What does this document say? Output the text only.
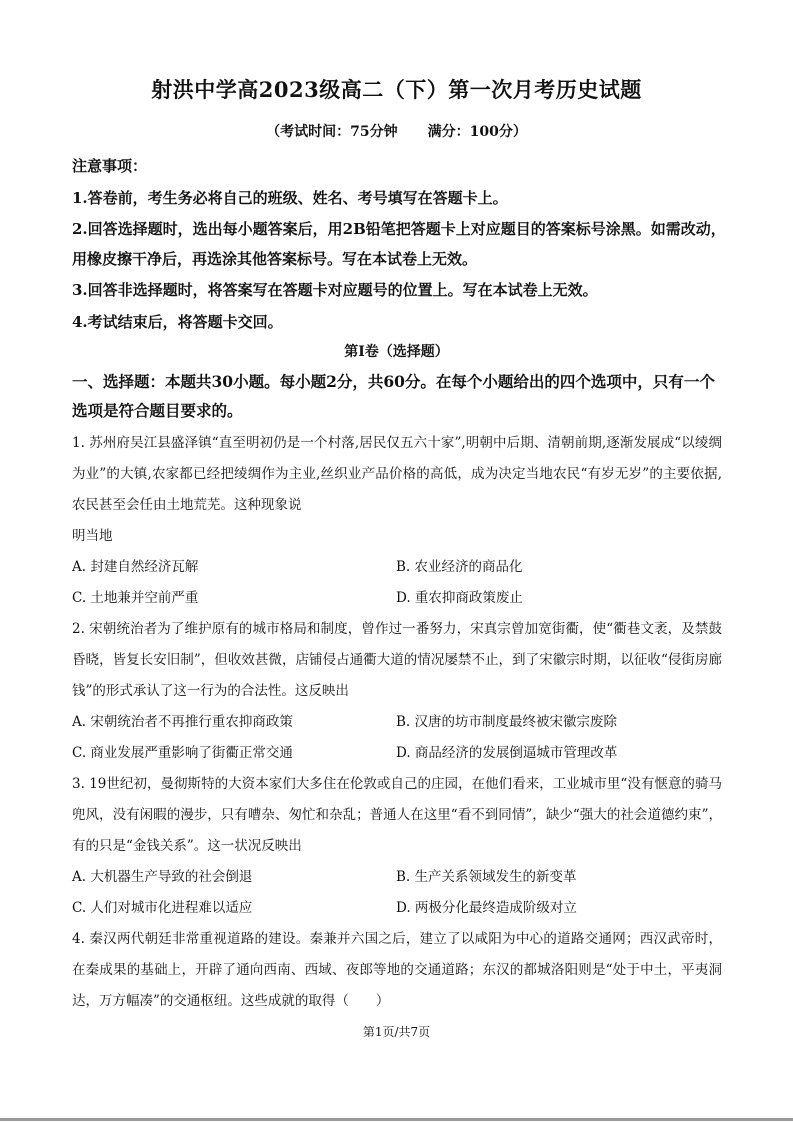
射洪中学高2023级高二（下）第一次月考历史试题
（考试时间：75分钟 满分：100分）
注意事项：
1.答卷前，考生务必将自己的班级、姓名、考号填写在答题卡上。
2.回答选择题时，选出每小题答案后，用2B铅笔把答题卡上对应题目的答案标号涂黑。如需改动，用橡皮擦干净后，再选涂其他答案标号。写在本试卷上无效。
3.回答非选择题时，将答案写在答题卡对应题号的位置上。写在本试卷上无效。
4.考试结束后，将答题卡交回。
第Ⅰ卷（选择题）
一、选择题：本题共30小题。每小题2分，共60分。在每个小题给出的四个选项中，只有一个选项是符合题目要求的。
1. 苏州府吴江县盛泽镇“直至明初仍是一个村落,居民仅五六十家”,明朝中后期、清朝前期,逐渐发展成“以绫绸为业”的大镇,农家都已经把绫绸作为主业,丝织业产品价格的高低，成为决定当地农民“有岁无岁”的主要依据,农民甚至会任由土地荒芜。这种现象说
明当地
A. 封建自然经济瓦解	B. 农业经济的商品化
C. 土地兼并空前严重	D. 重农抑商政策废止
2. 宋朝统治者为了维护原有的城市格局和制度，曾作过一番努力，宋真宗曾加宽街衢，使“衢巷文袤，及禁鼓昏晓，皆复长安旧制”，但收效甚微，店铺侵占通衢大道的情况屡禁不止，到了宋徽宗时期，以征收“侵街房廊钱”的形式承认了这一行为的合法性。这反映出
A. 宋朝统治者不再推行重农抑商政策	B. 汉唐的坊市制度最终被宋徽宗废除
C. 商业发展严重影响了街衢正常交通	D. 商品经济的发展倒逼城市管理改革
3. 19世纪初，曼彻斯特的大资本家们大多住在伦敦或自己的庄园，在他们看来，工业城市里“没有惬意的骑马兜风，没有闲暇的漫步，只有嘈杂、匆忙和杂乱；普通人在这里“看不到同情”，缺少“强大的社会道德约束”，有的只是“金钱关系”。这一状况反映出
A. 大机器生产导致的社会倒退	B. 生产关系领域发生的新变革
C. 人们对城市化进程难以适应	D. 两极分化最终造成阶级对立
4. 秦汉两代朝廷非常重视道路的建设。秦兼并六国之后，建立了以咸阳为中心的道路交通网；西汉武帝时，在秦成果的基础上，开辟了通向西南、西域、夜郎等地的交通道路；东汉的都城洛阳则是“处于中土，平夷洞达，万方幅凑”的交通枢纽。这些成就的取得（　　）
第1页/共7页
